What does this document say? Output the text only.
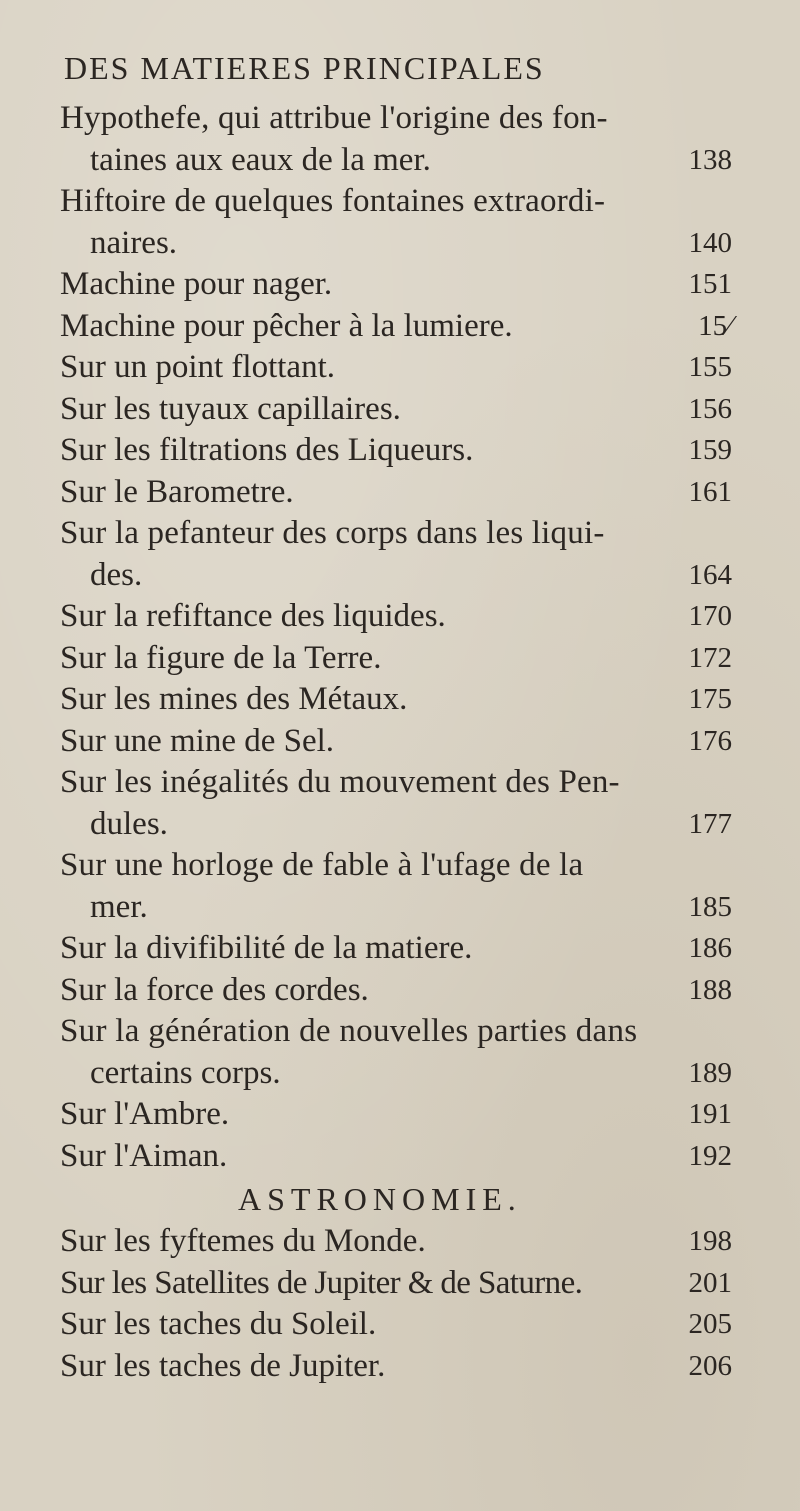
DES MATIERES PRINCIPALES
Hypothefe, qui attribue l'origine des fon-
taines aux eaux de la mer.	138
Hiftoire de quelques fontaines extraordi-
naires.	140
Machine pour nager.	151
Machine pour pêcher à la lumiere.	15⁄
Sur un point flottant.	155
Sur les tuyaux capillaires.	156
Sur les filtrations des Liqueurs.	159
Sur le Barometre.	161
Sur la pefanteur des corps dans les liqui-
des.	164
Sur la refiftance des liquides.	170
Sur la figure de la Terre.	172
Sur les mines des Métaux.	175
Sur une mine de Sel.	176
Sur les inégalités du mouvement des Pen-
dules.	177
Sur une horloge de fable à l'ufage de la
mer.	185
Sur la divifibilité de la matiere.	186
Sur la force des cordes.	188
Sur la génération de nouvelles parties dans
certains corps.	189
Sur l'Ambre.	191
Sur l'Aiman.	192
ASTRONOMIE.
Sur les fyftemes du Monde.	198
Sur les Satellites de Jupiter & de Saturne.	201
Sur les taches du Soleil.	205
Sur les taches de Jupiter.	206
